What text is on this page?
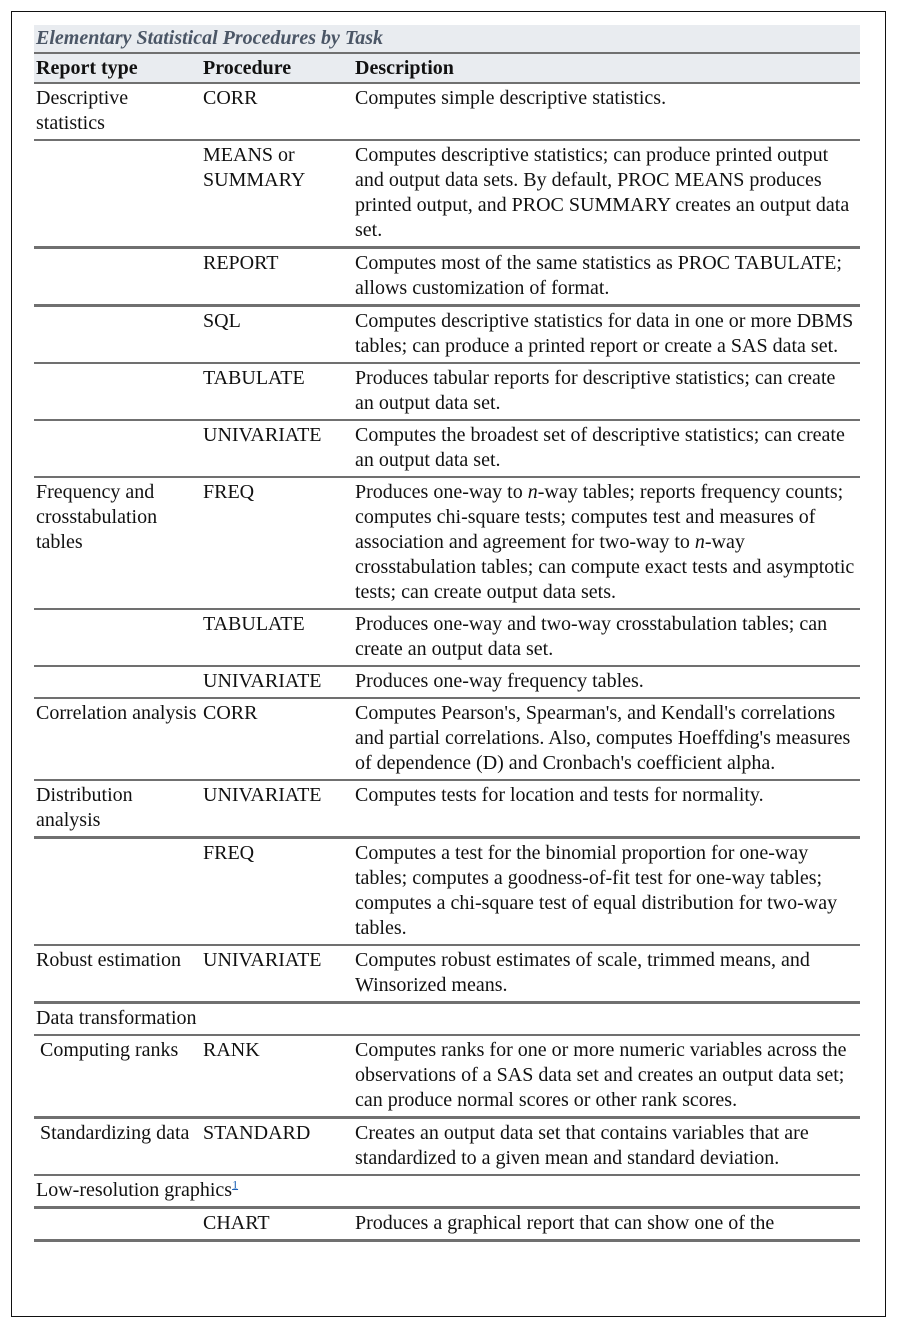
Elementary Statistical Procedures by Task
Report type	Procedure	Description
Descriptive statistics	CORR	Computes simple descriptive statistics.
	MEANS or SUMMARY	Computes descriptive statistics; can produce printed output and output data sets. By default, PROC MEANS produces printed output, and PROC SUMMARY creates an output data set.
	REPORT	Computes most of the same statistics as PROC TABULATE; allows customization of format.
	SQL	Computes descriptive statistics for data in one or more DBMS tables; can produce a printed report or create a SAS data set.
	TABULATE	Produces tabular reports for descriptive statistics; can create an output data set.
	UNIVARIATE	Computes the broadest set of descriptive statistics; can create an output data set.
Frequency and crosstabulation tables	FREQ	Produces one-way to n-way tables; reports frequency counts; computes chi-square tests; computes test and measures of association and agreement for two-way to n-way crosstabulation tables; can compute exact tests and asymptotic tests; can create output data sets.
	TABULATE	Produces one-way and two-way crosstabulation tables; can create an output data set.
	UNIVARIATE	Produces one-way frequency tables.
Correlation analysis	CORR	Computes Pearson's, Spearman's, and Kendall's correlations and partial correlations. Also, computes Hoeffding's measures of dependence (D) and Cronbach's coefficient alpha.
Distribution analysis	UNIVARIATE	Computes tests for location and tests for normality.
	FREQ	Computes a test for the binomial proportion for one-way tables; computes a goodness-of-fit test for one-way tables; computes a chi-square test of equal distribution for two-way tables.
Robust estimation	UNIVARIATE	Computes robust estimates of scale, trimmed means, and Winsorized means.
Data transformation		
Computing ranks	RANK	Computes ranks for one or more numeric variables across the observations of a SAS data set and creates an output data set; can produce normal scores or other rank scores.
Standardizing data	STANDARD	Creates an output data set that contains variables that are standardized to a given mean and standard deviation.
Low-resolution graphics$^1$
	CHART	Produces a graphical report that can show one of the
